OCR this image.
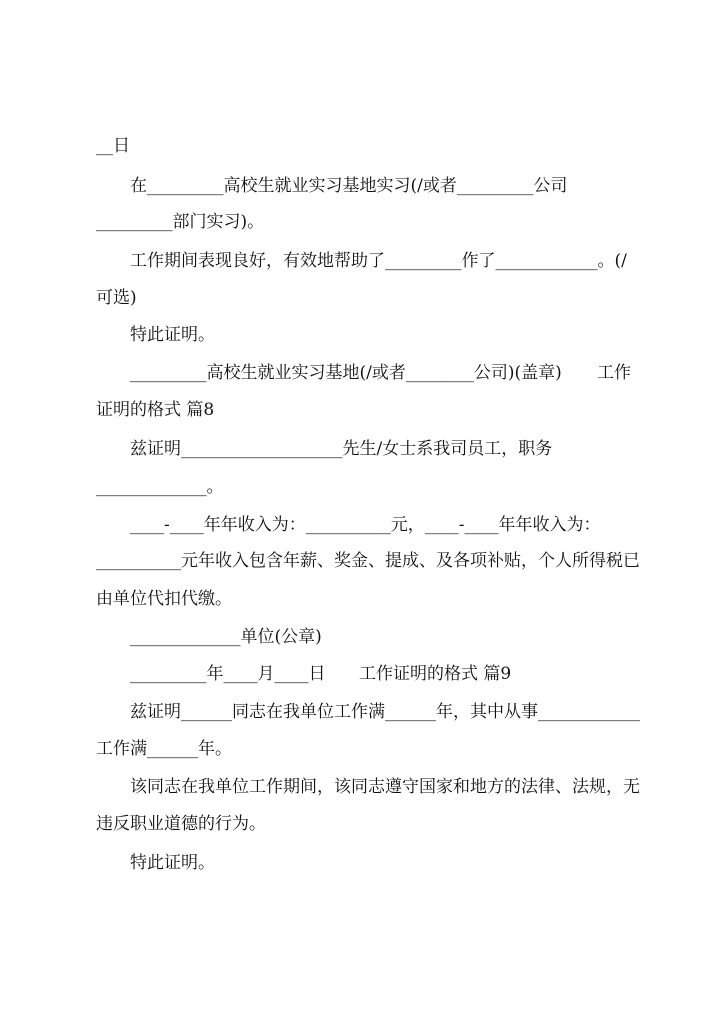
__日

在_________高校生就业实习基地实习(/或者_________公司

_________部门实习)。

工作期间表现良好，有效地帮助了_________作了____________。(/

可选)

特此证明。

_________高校生就业实习基地(/或者________公司)(盖章)

工作

证明的格式 篇8

兹证明___________________先生/女士系我司员工，职务

_____________。

____-____年年收入为：__________元，____-____年年收入为：

__________元年收入包含年薪、奖金、提成、及各项补贴，个人所得税已

由单位代扣代缴。

_____________单位(公章)

_________年____月____日

工作证明的格式 篇9

兹证明______同志在我单位工作满______年，其中从事____________

工作满______年。

该同志在我单位工作期间，该同志遵守国家和地方的法律、法规，无

违反职业道德的行为。

特此证明。
